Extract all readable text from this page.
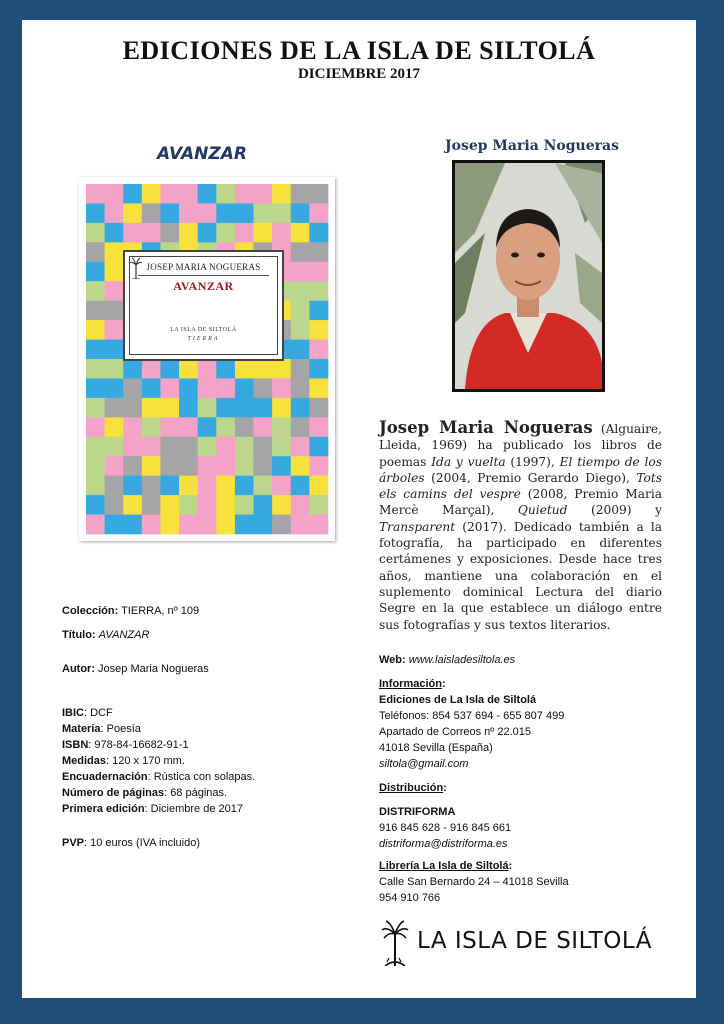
EDICIONES DE LA ISLA DE SILTOLÁ
DICIEMBRE 2017
AVANZAR	Josep Maria Nogueras
JOSEP MARIA NOGUERAS
AVANZAR
LA ISLA DE SILTOLÁ
TIERRA
Josep Maria Nogueras (Alguaire, Lleida, 1969) ha publicado los libros de poemas Ida y vuelta (1997), El tiempo de los árboles (2004, Premio Gerardo Diego), Tots els camins del vespre (2008, Premio Maria Mercè Marçal), Quietud (2009) y Transparent (2017). Dedicado también a la fotografía, ha participado en diferentes certámenes y exposiciones. Desde hace tres años, mantiene una colaboración en el suplemento dominical Lectura del diario Segre en la que establece un diálogo entre sus fotografías y sus textos literarios.
Web: www.laisladesiltola.es
Información:
Ediciones de La Isla de Siltolá
Teléfonos: 854 537 694 - 655 807 499
Apartado de Correos nº 22.015
41018 Sevilla (España)
siltola@gmail.com
Distribución:
DISTRIFORMA
916 845 628 - 916 845 661
distriforma@distriforma.es
Librería La Isla de Siltolá:
Calle San Bernardo 24 – 41018 Sevilla
954 910 766
LA ISLA DE SILTOLÁ
Colección: TIERRA, nº 109
Título: AVANZAR
Autor: Josep Maria Nogueras
IBIC: DCF
Materia: Poesía
ISBN: 978-84-16682-91-1
Medidas: 120 x 170 mm.
Encuadernación: Rústica con solapas.
Número de páginas: 68 páginas.
Primera edición: Diciembre de 2017
PVP: 10 euros (IVA incluido)
